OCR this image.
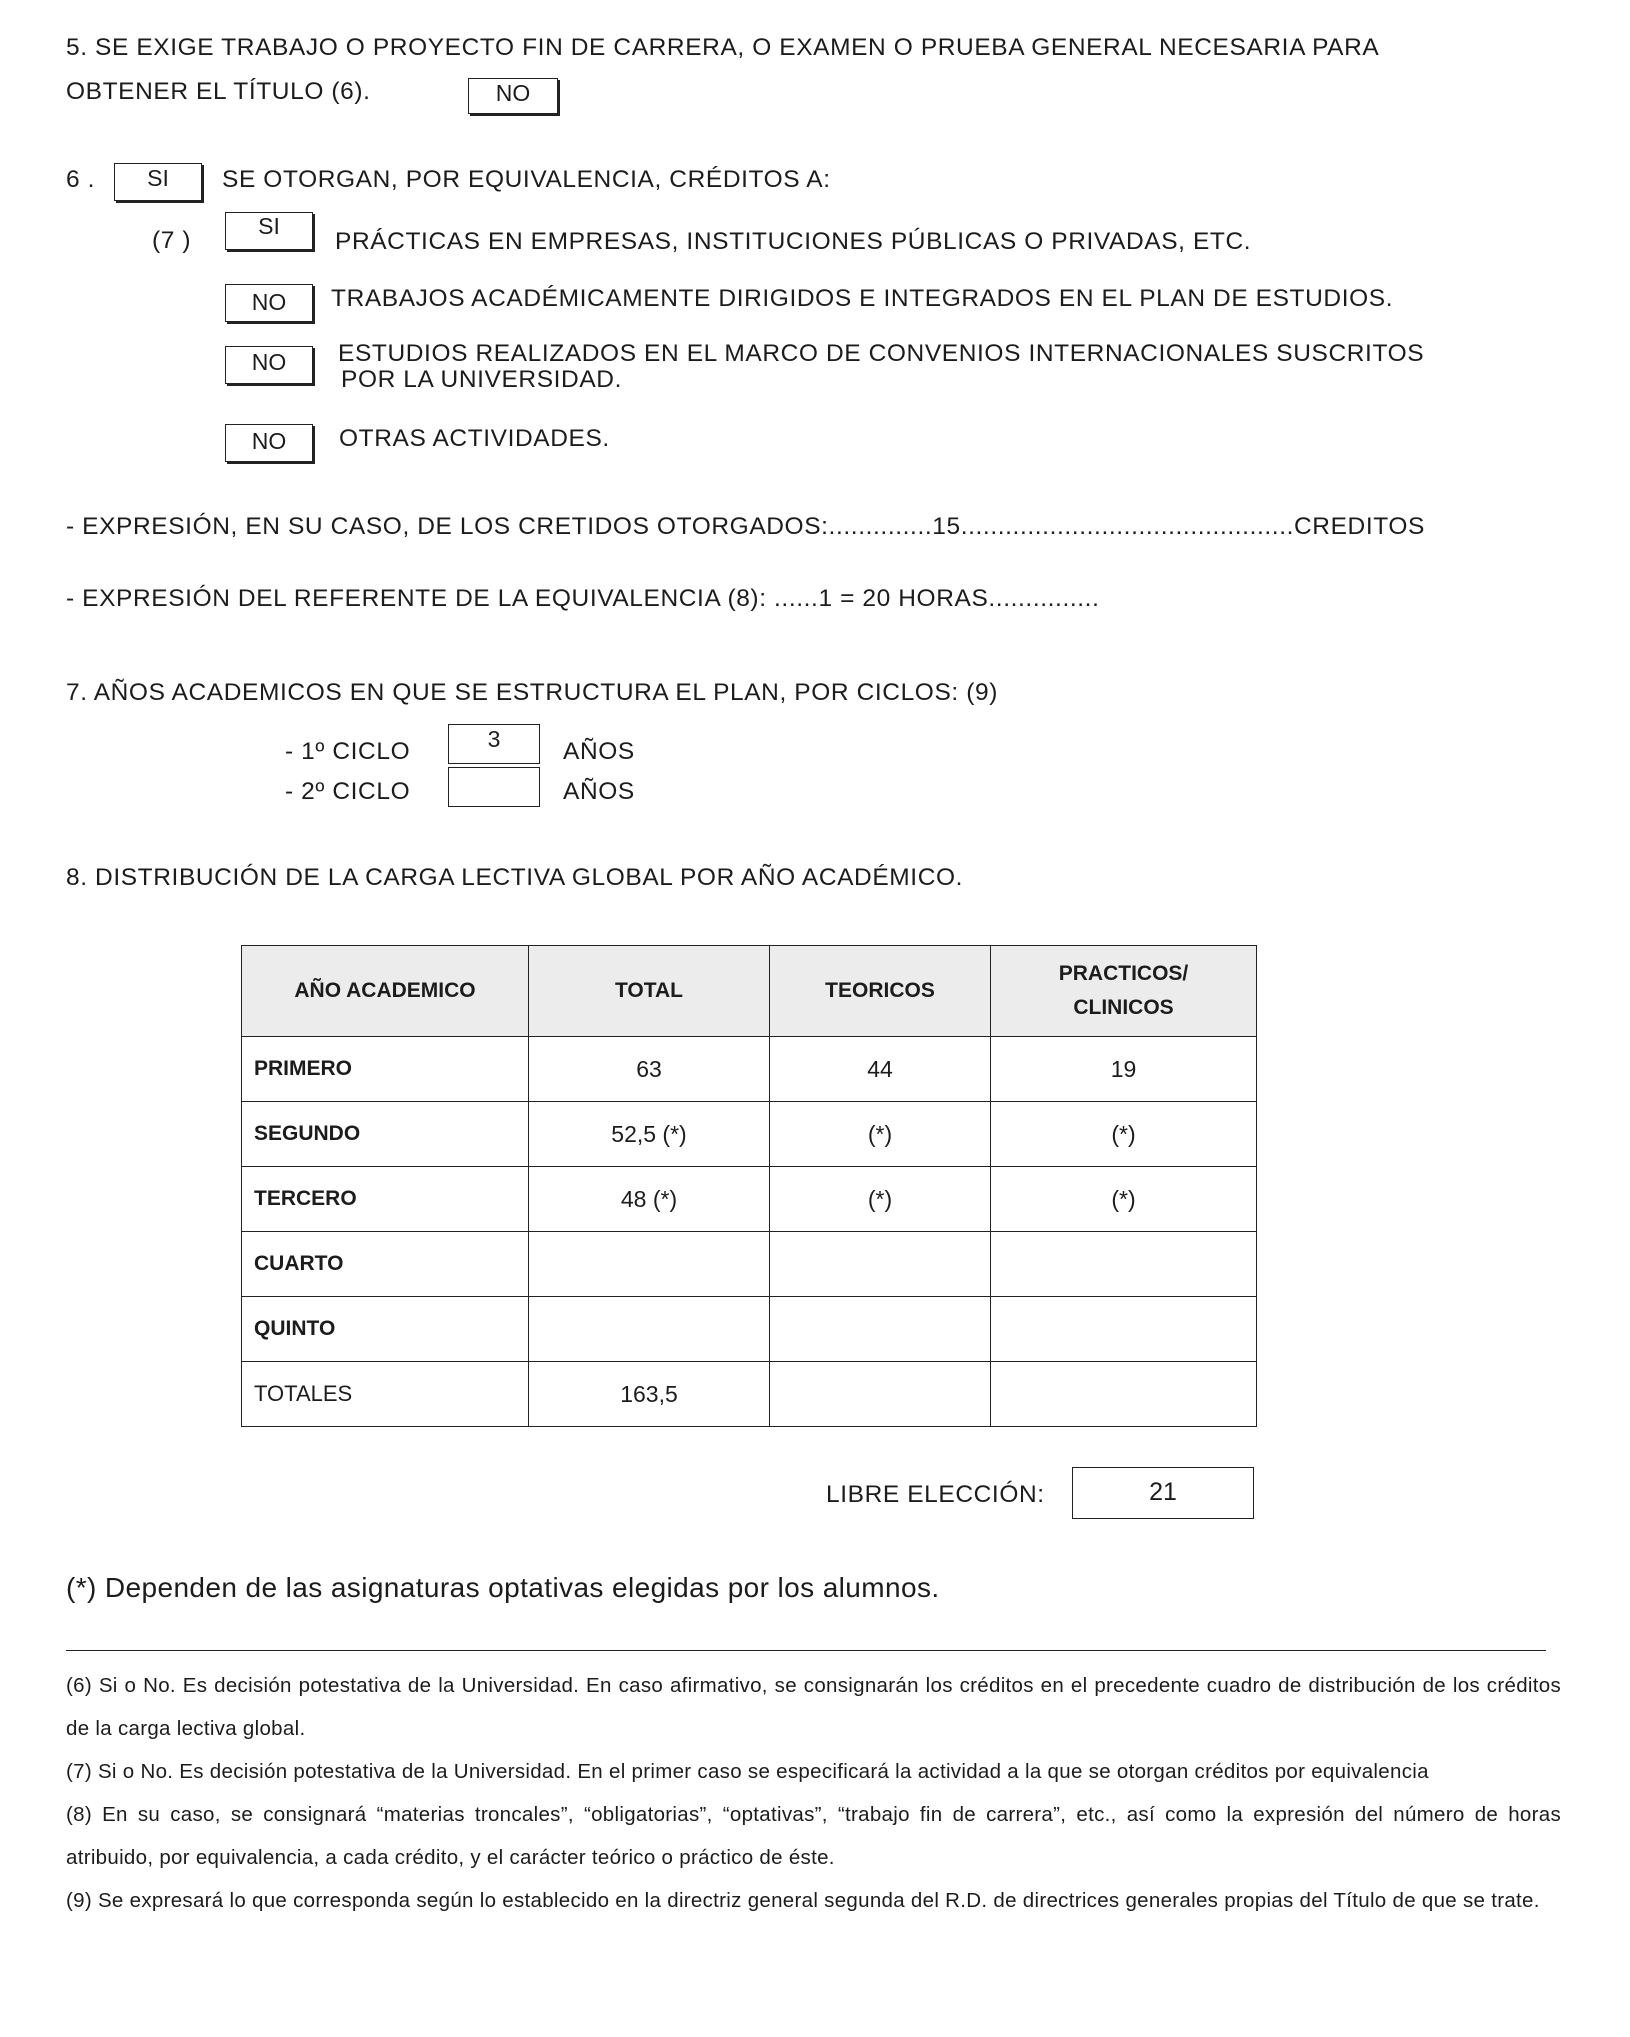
5. SE EXIGE TRABAJO O PROYECTO FIN DE CARRERA, O EXAMEN O PRUEBA GENERAL NECESARIA PARA
OBTENER EL TÍTULO (6).	NO
6 .	SI	SE OTORGAN, POR EQUIVALENCIA, CRÉDITOS A:
(7 )
SI
PRÁCTICAS EN EMPRESAS, INSTITUCIONES PÚBLICAS O PRIVADAS, ETC.
NO	TRABAJOS ACADÉMICAMENTE DIRIGIDOS E INTEGRADOS EN EL PLAN DE ESTUDIOS.
NO	ESTUDIOS REALIZADOS EN EL MARCO DE CONVENIOS INTERNACIONALES SUSCRITOS
POR LA UNIVERSIDAD.
NO	OTRAS ACTIVIDADES.
- EXPRESIÓN, EN SU CASO, DE LOS CRETIDOS OTORGADOS:..............15.............................................CREDITOS
- EXPRESIÓN DEL REFERENTE DE LA EQUIVALENCIA (8): ......1 = 20 HORAS...............
7. AÑOS ACADEMICOS EN QUE SE ESTRUCTURA EL PLAN, POR CICLOS: (9)
- 1º CICLO	3	AÑOS
- 2º CICLO	AÑOS
8. DISTRIBUCIÓN DE LA CARGA LECTIVA GLOBAL POR AÑO ACADÉMICO.
AÑO ACADEMICO	TOTAL	TEORICOS	PRACTICOS/
CLINICOS
PRIMERO	63	44	19
SEGUNDO	52,5 (*)	(*)	(*)
TERCERO	48 (*)	(*)	(*)
CUARTO			
QUINTO			
TOTALES	163,5		
LIBRE ELECCIÓN:	21
(*) Dependen de las asignaturas optativas elegidas por los alumnos.

(6) Si o No. Es decisión potestativa de la Universidad. En caso afirmativo, se consignarán los créditos en el precedente cuadro de distribución de los créditos de la carga lectiva global.

(7) Si o No. Es decisión potestativa de la Universidad. En el primer caso se especificará la actividad a la que se otorgan créditos por equivalencia

(8) En su caso, se consignará “materias troncales”, “obligatorias”, “optativas”, “trabajo fin de carrera”, etc., así como la expresión del número de horas atribuido, por equivalencia, a cada crédito, y el carácter teórico o práctico de éste.

(9) Se expresará lo que corresponda según lo establecido en la directriz general segunda del R.D. de directrices generales propias del Título de que se trate.
